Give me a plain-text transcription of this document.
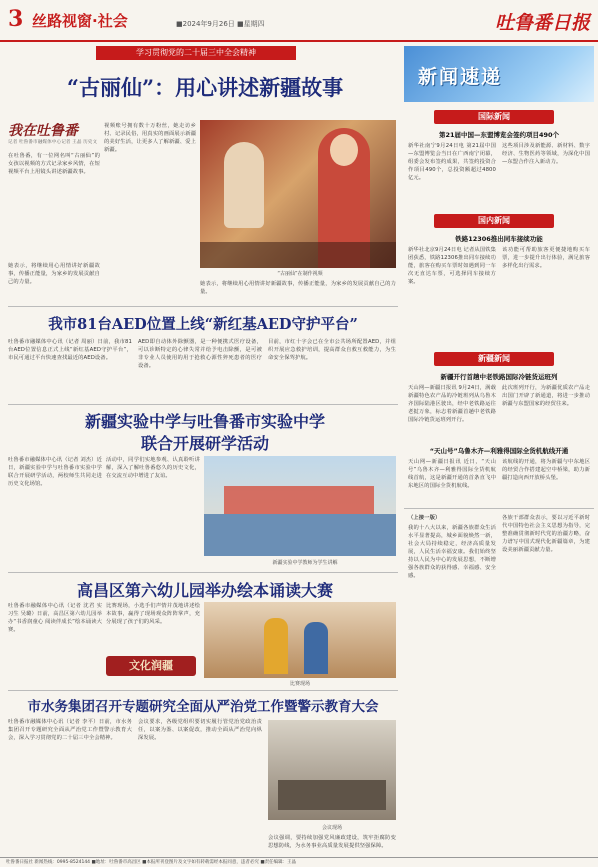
3 丝路视窗·社会	■2024年9月26日 ■星期四	吐鲁番日报
学习贯彻党的二十届三中全会精神
“古丽仙”：用心讲述新疆故事
我在吐鲁番
记者 吐鲁番市融媒体中心记者 王晶 历史文
在吐鲁番，有一位网名叫“古丽仙”的女孩以视频的方式记录家乡风情，在短视频平台上用镜头讲述新疆故事。
视频账号拥有数十万粉丝，她走访乡村、记录民俗，用真实的画面展示新疆的美好生活，让更多人了解新疆、爱上新疆。
她表示，将继续用心用情讲好新疆故事，传播正能量，为家乡的发展贡献自己的力量。
“古丽仙”在制作视频
她表示，将继续用心用情讲好新疆故事，传播正能量，为家乡的发展贡献自己的力量。
我市81台AED位置上线“新红基AED守护平台”
吐鲁番市融媒体中心讯（记者 周丽）日前，我市81台AED位置信息正式上线“新红基AED守护平台”，市民可通过平台快速查找最近的AED设备。
AED即自动体外除颤器，是一种便携式医疗设备，可以诊断特定的心律失常并给予电击除颤，是可被非专业人员使用的用于抢救心源性猝死患者的医疗设备。
目前，市红十字会已在全市公共场所配置AED，并组织开展应急救护培训，提高群众自救互救能力，为生命安全保驾护航。
新疆实验中学与吐鲁番市实验中学
联合开展研学活动
吐鲁番市融媒体中心讯（记者 刘杰）近日，新疆实验中学与吐鲁番市实验中学联合开展研学活动，两校师生共同走进历史文化场馆。
活动中，同学们实地参观、认真聆听讲解，深入了解吐鲁番悠久的历史文化，在交流互动中增进了友谊。
新疆实验中学教师为学生讲解
高昌区第六幼儿园举办绘本诵读大赛
吐鲁番市融媒体中心讯（记者 沈君 实习生 吴璐）日前，高昌区第六幼儿园举办“书香润童心 阅读伴成长”绘本诵读大赛。
比赛现场，小选手们声情并茂地讲述绘本故事，赢得了现场观众阵阵掌声，充分展现了孩子们的风采。
文化润疆
比赛现场
市水务集团召开专题研究全面从严治党工作暨警示教育大会
吐鲁番市融媒体中心讯（记者 李平）日前，市水务集团召开专题研究全面从严治党工作暨警示教育大会，深入学习贯彻党的二十届三中全会精神。
会议要求，各级党组织要切实履行管党治党政治责任，以案为鉴、以案促改，推动全面从严治党向纵深发展。
会议现场
会议强调，要持续加强党风廉政建设，筑牢拒腐防变思想防线，为水务事业高质量发展提供坚强保障。
新闻速递
国际新闻
第21届中国—东盟博览会签约项目490个
新华社南宁9月24日电 第21届中国—东盟博览会当日在广西南宁闭幕，组委会发布签约成果，共签约投资合作项目490个，总投资额超过4800亿元。
这些项目涉及新能源、新材料、数字经济、生物医药等领域，为深化中国—东盟合作注入新动力。
国内新闻
铁路12306推出同车接续功能
新华社北京9月24日电 记者从国铁集团获悉，铁路12306推出同车接续功能，旅客在购买车票时如遇到同一车次无直达车票，可选择同车接续方案。
该功能可帮助旅客更便捷地购买车票，进一步提升出行体验，满足旅客多样化出行需求。
新疆新闻
新疆开行首趟中老铁路国际冷链货运班列
天山网—新疆日报讯 9月24日，满载新疆特色农产品的冷链班列从乌鲁木齐国际陆港区驶出，经中老铁路运往老挝万象，标志着新疆首趟中老铁路国际冷链货运班列开行。
此次班列开行，为新疆优质农产品走出国门开辟了新通道，将进一步推动新疆与东盟国家的经贸往来。
“天山号”乌鲁木齐—利雅得国际全货机航线开通
天山网—新疆日报讯 近日，“天山号”乌鲁木齐—利雅得国际全货机航线首航，这是新疆开通的首条直飞中东地区的国际全货机航线。
该航线的开通，将为新疆与中东地区的经贸合作搭建起空中桥梁，助力新疆打造向西开放桥头堡。
（上接一版）
我的十八大以来，新疆各族群众生活水平显著提高，城乡面貌焕然一新，社会大局持续稳定，经济高质量发展，人民生活幸福安康。我们始终坚持以人民为中心的发展思想，不断增强各族群众的获得感、幸福感、安全感。
各族干部群众表示，要以习近平新时代中国特色社会主义思想为指导，完整准确贯彻新时代党的治疆方略，奋力谱写中国式现代化新疆篇章，为建设美丽新疆贡献力量。
吐鲁番日报社 新闻热线：0995-8524144 ■地址：吐鲁番市高昌区 ■本报所刊登图片及文字如有转载需经本报同意，违者必究 ■责任编辑：王晶
